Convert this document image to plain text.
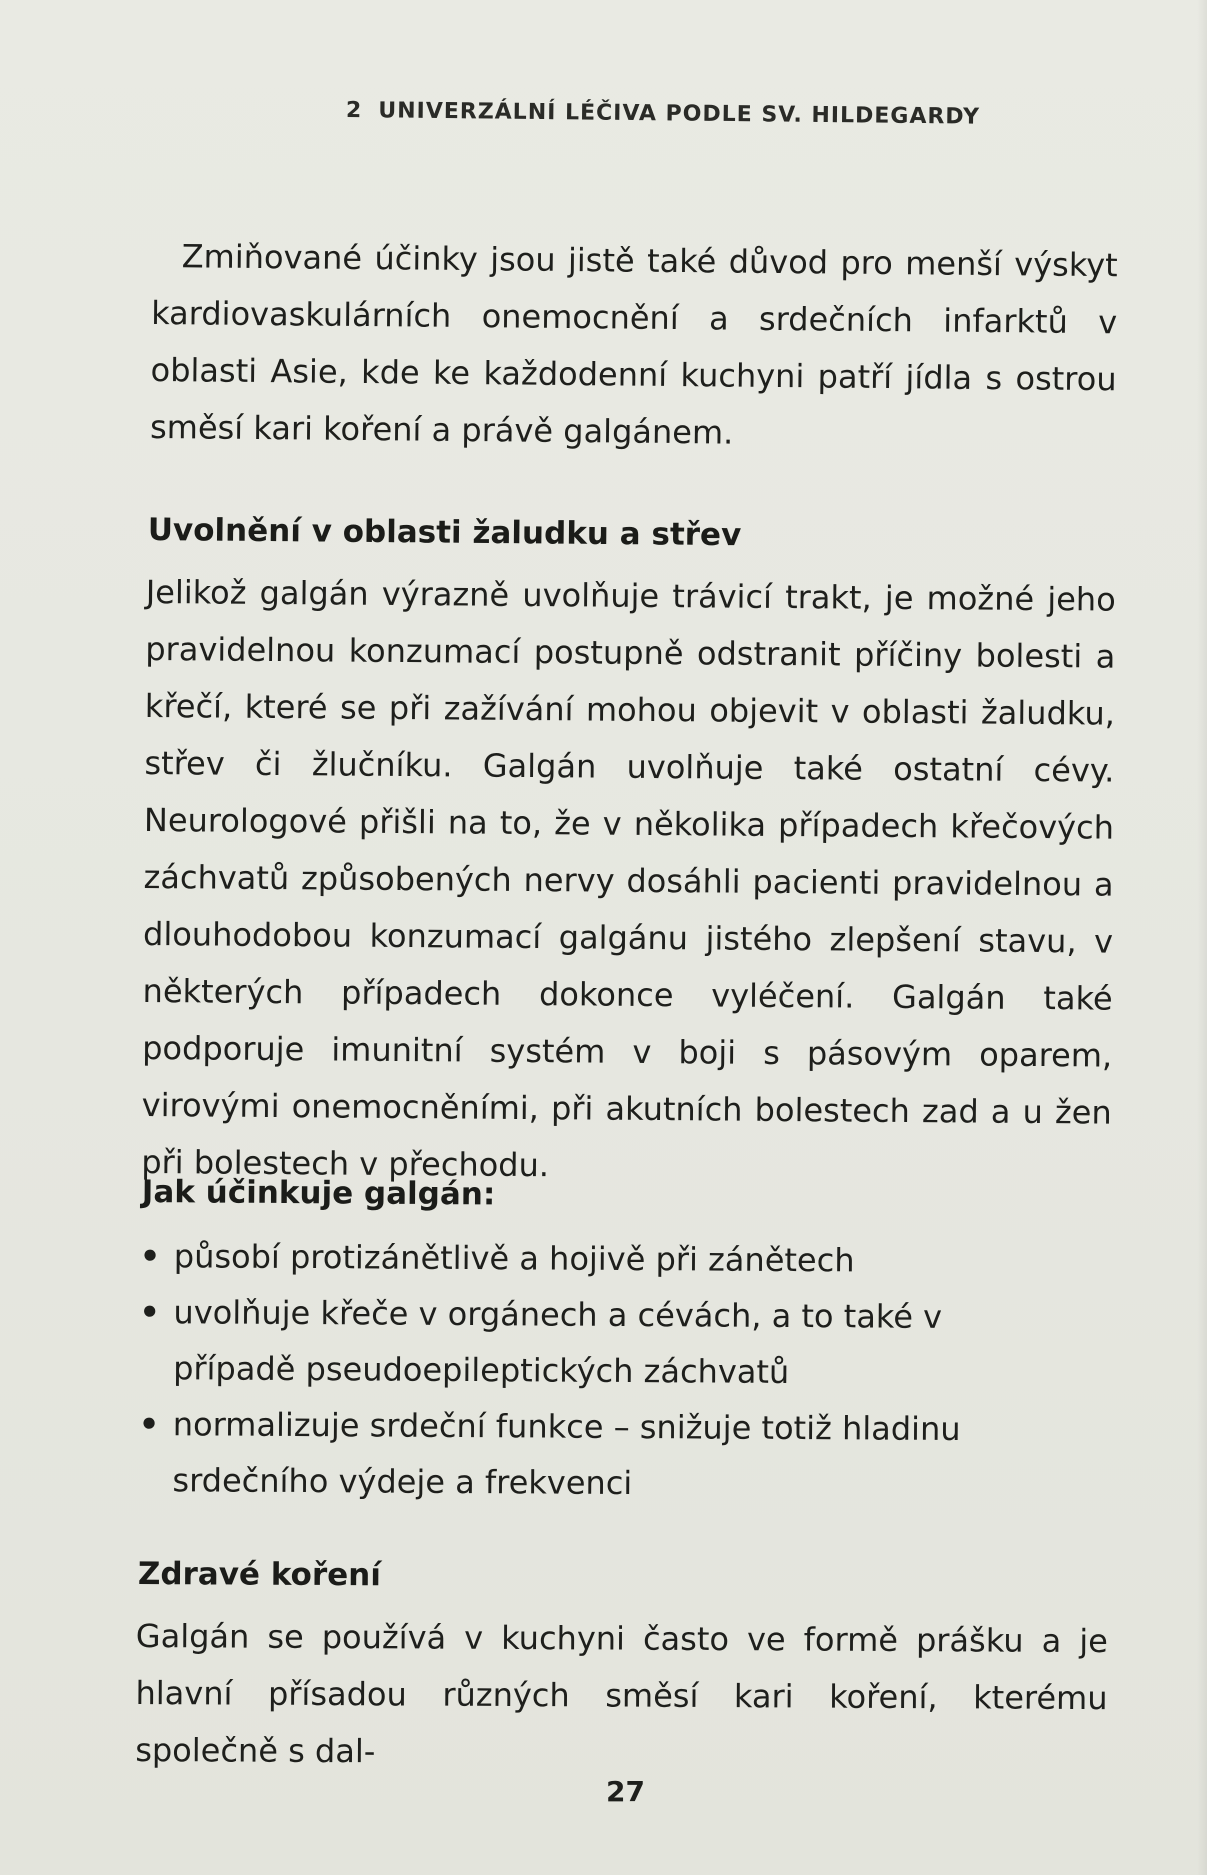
2 UNIVERZÁLNÍ LÉČIVA PODLE SV. HILDEGARDY

Zmiňované účinky jsou jistě také důvod pro menší výskyt kardiovaskulárních onemocnění a srdečních infarktů v oblasti Asie, kde ke každodenní kuchyni patří jídla s ostrou směsí kari koření a právě galgánem.

Uvolnění v oblasti žaludku a střev

Jelikož galgán výrazně uvolňuje trávicí trakt, je možné jeho pravidelnou konzumací postupně odstranit příčiny bolesti a křečí, které se při zažívání mohou objevit v oblasti žaludku, střev či žlučníku. Galgán uvolňuje také ostatní cévy. Neurologové přišli na to, že v několika případech křečových záchvatů způsobených nervy dosáhli pacienti pravidelnou a dlouhodobou konzumací galgánu jistého zlepšení stavu, v některých případech dokonce vyléčení. Galgán také podporuje imunitní systém v boji s pásovým oparem, virovými onemocněními, při akutních bolestech zad a u žen při bolestech v přechodu.

Jak účinkuje galgán:
• působí protizánětlivě a hojivě při zánětech
• uvolňuje křeče v orgánech a cévách, a to také v případě pseudoepileptických záchvatů
• normalizuje srdeční funkce – snižuje totiž hladinu srdečního výdeje a frekvenci
Zdravé koření

Galgán se používá v kuchyni často ve formě prášku a je hlavní přísadou různých směsí kari koření, kterému společně s dal-

27
